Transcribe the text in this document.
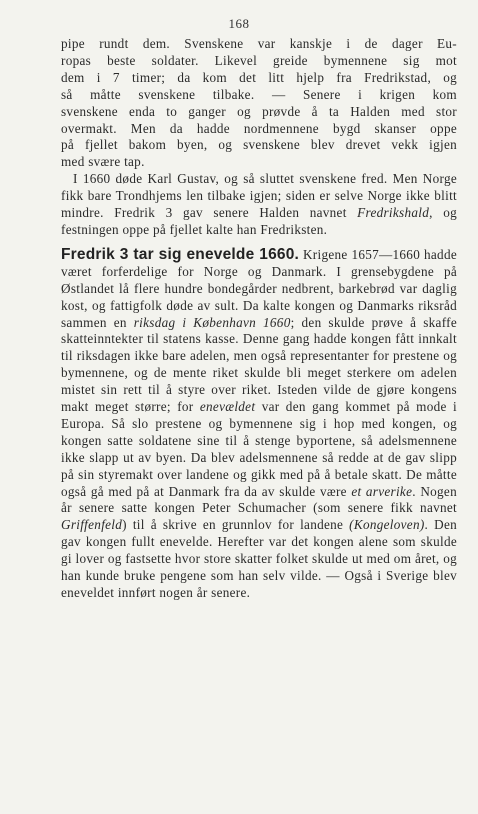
168

pipe rundt dem. Svenskene var kanskje i de dager Eu-
ropas beste soldater. Likevel greide bymennene sig mot
dem i 7 timer; da kom det litt hjelp fra Fredrikstad, og
så måtte svenskene tilbake. — Senere i krigen kom
svenskene enda to ganger og prøvde å ta Halden med stor
overmakt. Men da hadde nordmennene bygd skanser oppe
på fjellet bakom byen, og svenskene blev drevet vekk igjen
med svære tap.

I 1660 døde Karl Gustav, og så sluttet svenskene fred. Men Norge fikk bare Trondhjems len tilbake igjen; siden er selve Norge ikke blitt mindre. Fredrik 3 gav senere Halden navnet Fredrikshald, og festningen oppe på fjellet kalte han Fredriksten.

Fredrik 3 tar sig enevelde 1660. Krigene 1657—1660 hadde været forferdelige for Norge og Danmark. I grensebygdene på Østlandet lå flere hundre bondegårder nedbrent, barkebrød var daglig kost, og fattigfolk døde av sult. Da kalte kongen og Danmarks riksråd sammen en riksdag i København 1660; den skulde prøve å skaffe skatteinntekter til statens kasse. Denne gang hadde kongen fått innkalt til riksdagen ikke bare adelen, men også representanter for prestene og bymennene, og de mente riket skulde bli meget sterkere om adelen mistet sin rett til å styre over riket. Isteden vilde de gjøre kongens makt meget større; for enevældet var den gang kommet på mode i Europa. Så slo prestene og bymennene sig i hop med kongen, og kongen satte soldatene sine til å stenge byportene, så adelsmennene ikke slapp ut av byen. Da blev adelsmennene så redde at de gav slipp på sin styremakt over landene og gikk med på å betale skatt. De måtte også gå med på at Danmark fra da av skulde være et arverike. Nogen år senere satte kongen Peter Schumacher (som senere fikk navnet Griffenfeld) til å skrive en grunnlov for landene (Kongeloven). Den gav kongen fullt enevelde. Herefter var det kongen alene som skulde gi lover og fastsette hvor store skatter folket skulde ut med om året, og han kunde bruke pengene som han selv vilde. — Også i Sverige blev eneveldet innført nogen år senere.
